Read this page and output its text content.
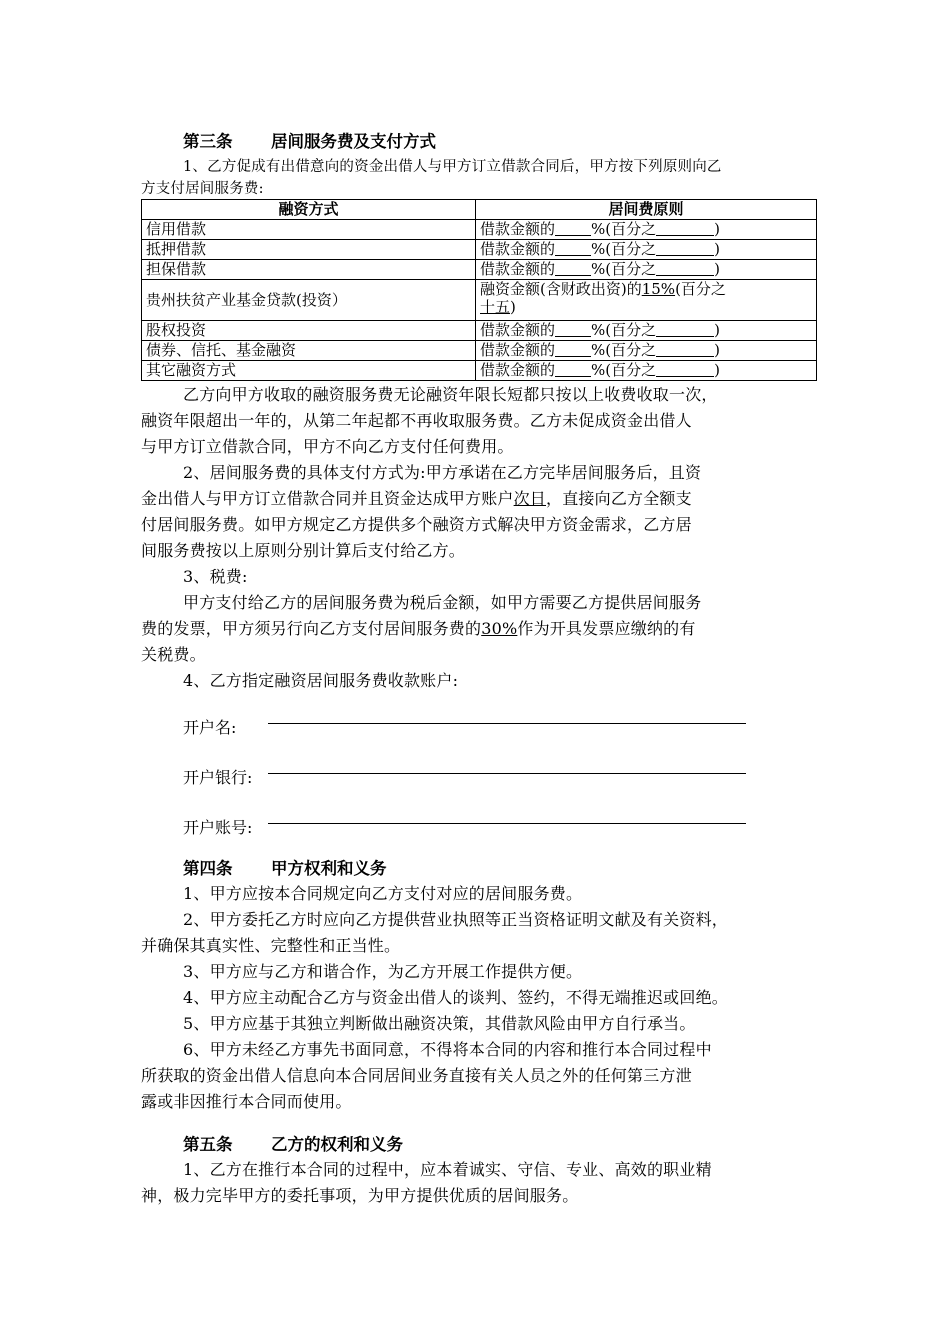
第三条 居间服务费及支付方式
1、乙方促成有出借意向的资金出借人与甲方订立借款合同后，甲方按下列原则向乙
方支付居间服务费:
融资方式	居间费原则
信用借款	借款金额的 %(百分之 )
抵押借款	借款金额的 %(百分之 )
担保借款	借款金额的 %(百分之 )
贵州扶贫产业基金贷款(投资）	融资金额(含财政出资)的15%(百分之
十五)
股权投资	借款金额的 %(百分之 )
债券、信托、基金融资	借款金额的 %(百分之 )
其它融资方式	借款金额的 %(百分之 )
乙方向甲方收取的融资服务费无论融资年限长短都只按以上收费收取一次，
融资年限超出一年的，从第二年起都不再收取服务费。乙方未促成资金出借人
与甲方订立借款合同，甲方不向乙方支付任何费用。
2、居间服务费的具体支付方式为:甲方承诺在乙方完毕居间服务后，且资
金出借人与甲方订立借款合同并且资金达成甲方账户次日，直接向乙方全额支
付居间服务费。如甲方规定乙方提供多个融资方式解决甲方资金需求，乙方居
间服务费按以上原则分别计算后支付给乙方。
3、税费:
甲方支付给乙方的居间服务费为税后金额，如甲方需要乙方提供居间服务
费的发票，甲方须另行向乙方支付居间服务费的30%作为开具发票应缴纳的有
关税费。
4、乙方指定融资居间服务费收款账户:
开户名:
开户银行:
开户账号:
第四条 甲方权利和义务
1、甲方应按本合同规定向乙方支付对应的居间服务费。
2、甲方委托乙方时应向乙方提供营业执照等正当资格证明文献及有关资料，
并确保其真实性、完整性和正当性。
3、甲方应与乙方和谐合作，为乙方开展工作提供方便。
4、甲方应主动配合乙方与资金出借人的谈判、签约，不得无端推迟或回绝。
5、甲方应基于其独立判断做出融资决策，其借款风险由甲方自行承当。
6、甲方未经乙方事先书面同意，不得将本合同的内容和推行本合同过程中
所获取的资金出借人信息向本合同居间业务直接有关人员之外的任何第三方泄
露或非因推行本合同而使用。
第五条 乙方的权利和义务
1、乙方在推行本合同的过程中，应本着诚实、守信、专业、高效的职业精
神，极力完毕甲方的委托事项，为甲方提供优质的居间服务。
